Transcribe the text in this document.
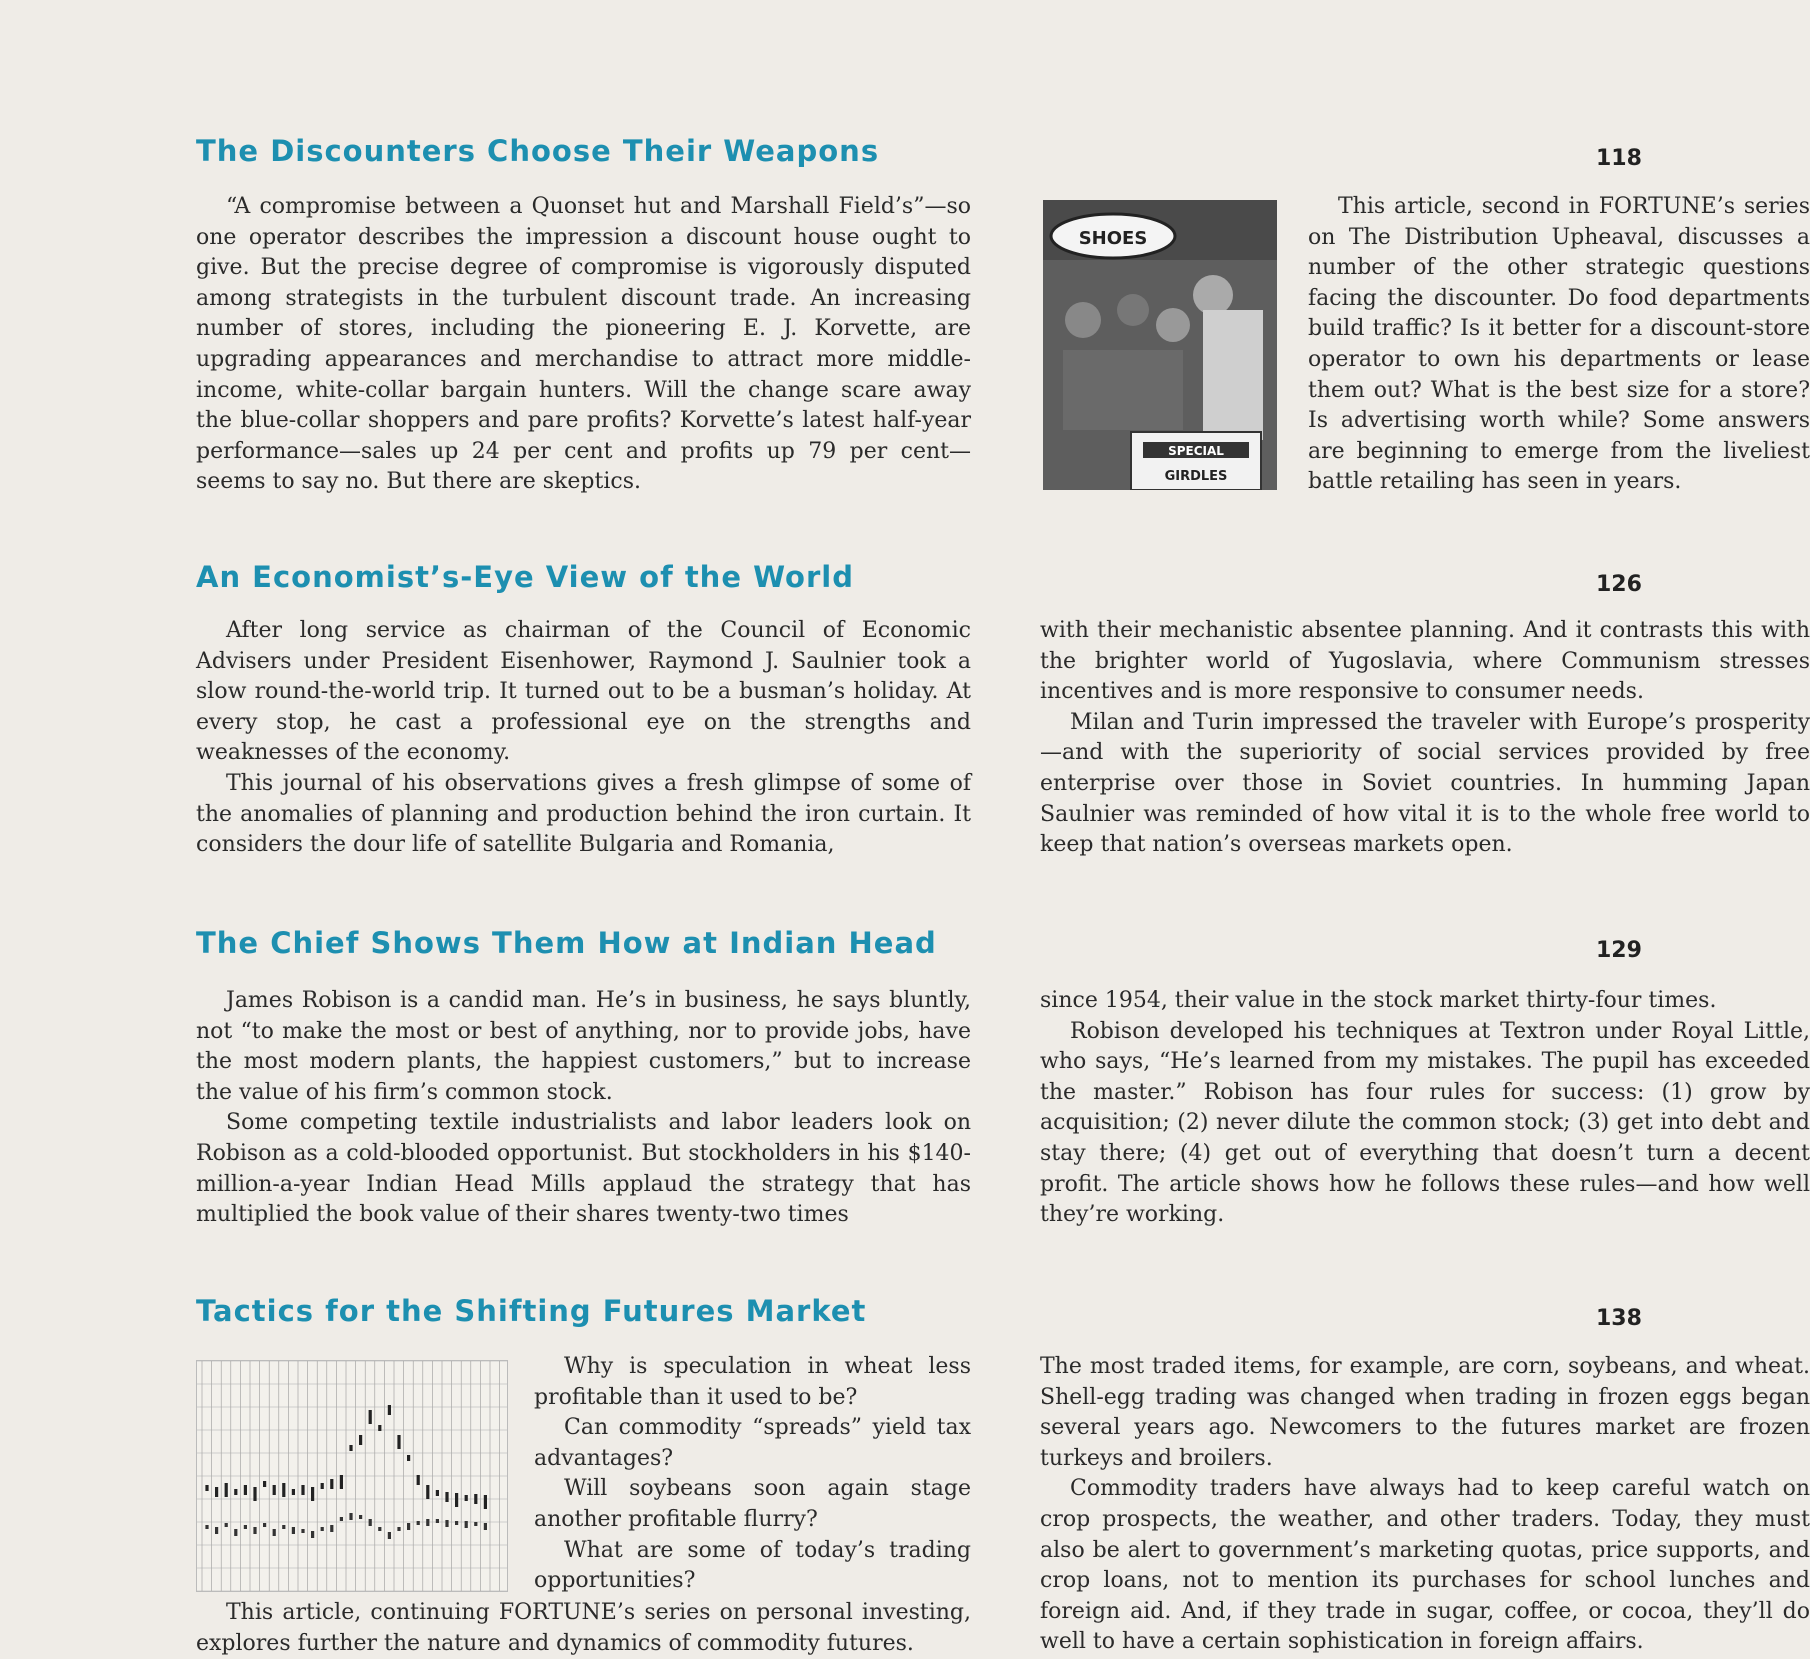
The Discounters Choose Their Weapons	118

“A compromise between a Quonset hut and Marshall Field’s”—so one operator describes the impression a discount house ought to give. But the precise degree of compromise is vigorously disputed among strategists in the turbulent discount trade. An increasing number of stores, including the pioneering E. J. Korvette, are upgrading appearances and merchandise to attract more middle-income, white-collar bargain hunters. Will the change scare away the blue-collar shoppers and pare profits? Korvette’s latest half-year performance—sales up 24 per cent and profits up 79 per cent—seems to say no. But there are skeptics.

SHOES
SPECIAL
GIRDLES

This article, second in FORTUNE’s series on The Distribution Upheaval, discusses a number of the other strategic questions facing the discounter. Do food departments build traffic? Is it better for a discount-store operator to own his departments or lease them out? What is the best size for a store? Is advertising worth while? Some answers are beginning to emerge from the liveliest battle retailing has seen in years.

An Economist’s-Eye View of the World	126

After long service as chairman of the Council of Economic Advisers under President Eisenhower, Raymond J. Saulnier took a slow round-the-world trip. It turned out to be a busman’s holiday. At every stop, he cast a professional eye on the strengths and weaknesses of the economy.

This journal of his observations gives a fresh glimpse of some of the anomalies of planning and production behind the iron curtain. It considers the dour life of satellite Bulgaria and Romania,

with their mechanistic absentee planning. And it contrasts this with the brighter world of Yugoslavia, where Communism stresses incentives and is more responsive to consumer needs.

Milan and Turin impressed the traveler with Europe’s prosperity—and with the superiority of social services provided by free enterprise over those in Soviet countries. In humming Japan Saulnier was reminded of how vital it is to the whole free world to keep that nation’s overseas markets open.

The Chief Shows Them How at Indian Head	129

James Robison is a candid man. He’s in business, he says bluntly, not “to make the most or best of anything, nor to provide jobs, have the most modern plants, the happiest customers,” but to increase the value of his firm’s common stock.

Some competing textile industrialists and labor leaders look on Robison as a cold-blooded opportunist. But stockholders in his $140-million-a-year Indian Head Mills applaud the strategy that has multiplied the book value of their shares twenty-two times

since 1954, their value in the stock market thirty-four times.

Robison developed his techniques at Textron under Royal Little, who says, “He’s learned from my mistakes. The pupil has exceeded the master.” Robison has four rules for success: (1) grow by acquisition; (2) never dilute the common stock; (3) get into debt and stay there; (4) get out of everything that doesn’t turn a decent profit. The article shows how he follows these rules—and how well they’re working.

Tactics for the Shifting Futures Market	138

Why is speculation in wheat less profitable than it used to be?

Can commodity “spreads” yield tax advantages?

Will soybeans soon again stage another profitable flurry?

What are some of today’s trading opportunities?

This article, continuing FORTUNE’s series on personal investing, explores further the nature and dynamics of commodity futures.

The most traded items, for example, are corn, soybeans, and wheat. Shell-egg trading was changed when trading in frozen eggs began several years ago. Newcomers to the futures market are frozen turkeys and broilers.

Commodity traders have always had to keep careful watch on crop prospects, the weather, and other traders. Today, they must also be alert to government’s marketing quotas, price supports, and crop loans, not to mention its purchases for school lunches and foreign aid. And, if they trade in sugar, coffee, or cocoa, they’ll do well to have a certain sophistication in foreign affairs.
